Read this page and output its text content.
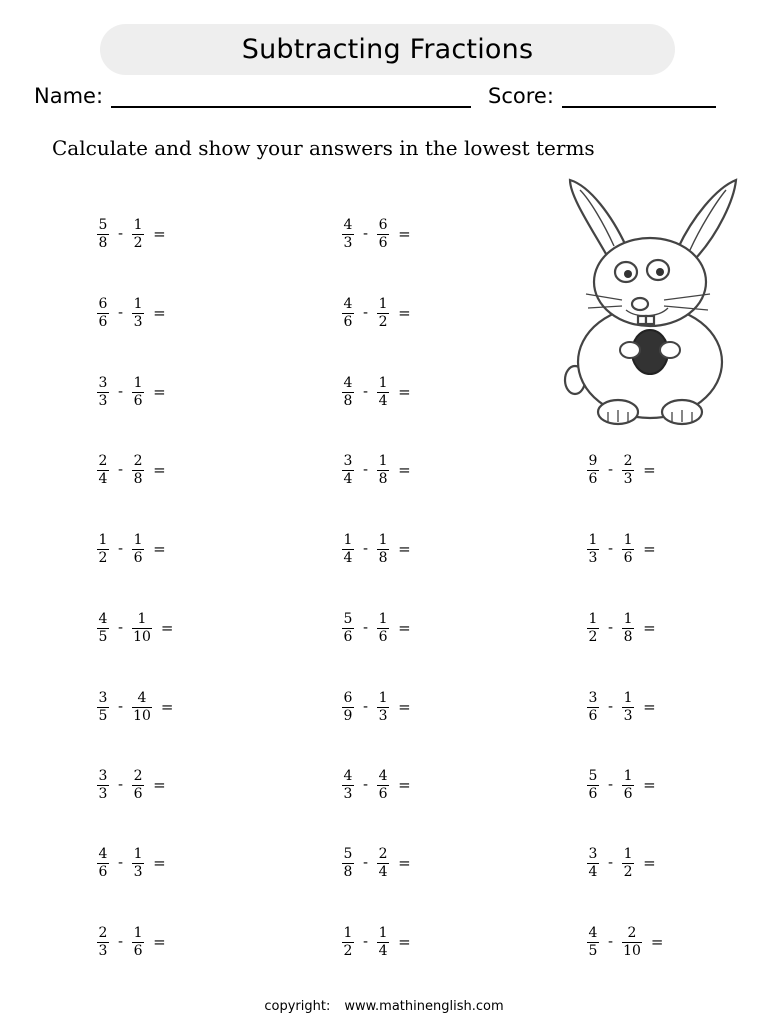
Subtracting Fractions
Name:	Score:
Calculate and show your answers in the lowest terms
$\frac{5}{8} - \frac{1}{2}$ =	$\frac{4}{3} - \frac{6}{6}$ =
$\frac{6}{6} - \frac{1}{3}$ =	$\frac{4}{6} - \frac{1}{2}$ =
$\frac{3}{3} - \frac{1}{6}$ =	$\frac{4}{8} - \frac{1}{4}$ =
$\frac{2}{4} - \frac{2}{8}$ =	$\frac{3}{4} - \frac{1}{8}$ =	$\frac{9}{6} - \frac{2}{3}$ =
$\frac{1}{2} - \frac{1}{6}$ =	$\frac{1}{4} - \frac{1}{8}$ =	$\frac{1}{3} - \frac{1}{6}$ =
$\frac{4}{5} - \frac{1}{10}$ =	$\frac{5}{6} - \frac{1}{6}$ =	$\frac{1}{2} - \frac{1}{8}$ =
$\frac{3}{5} - \frac{4}{10}$ =	$\frac{6}{9} - \frac{1}{3}$ =	$\frac{3}{6} - \frac{1}{3}$ =
$\frac{3}{3} - \frac{2}{6}$ =	$\frac{4}{3} - \frac{4}{6}$ =	$\frac{5}{6} - \frac{1}{6}$ =
$\frac{4}{6} - \frac{1}{3}$ =	$\frac{5}{8} - \frac{2}{4}$ =	$\frac{3}{4} - \frac{1}{2}$ =
$\frac{2}{3} - \frac{1}{6}$ =	$\frac{1}{2} - \frac{1}{4}$ =	$\frac{4}{5} - \frac{2}{10}$ =
copyright: www.mathinenglish.com
